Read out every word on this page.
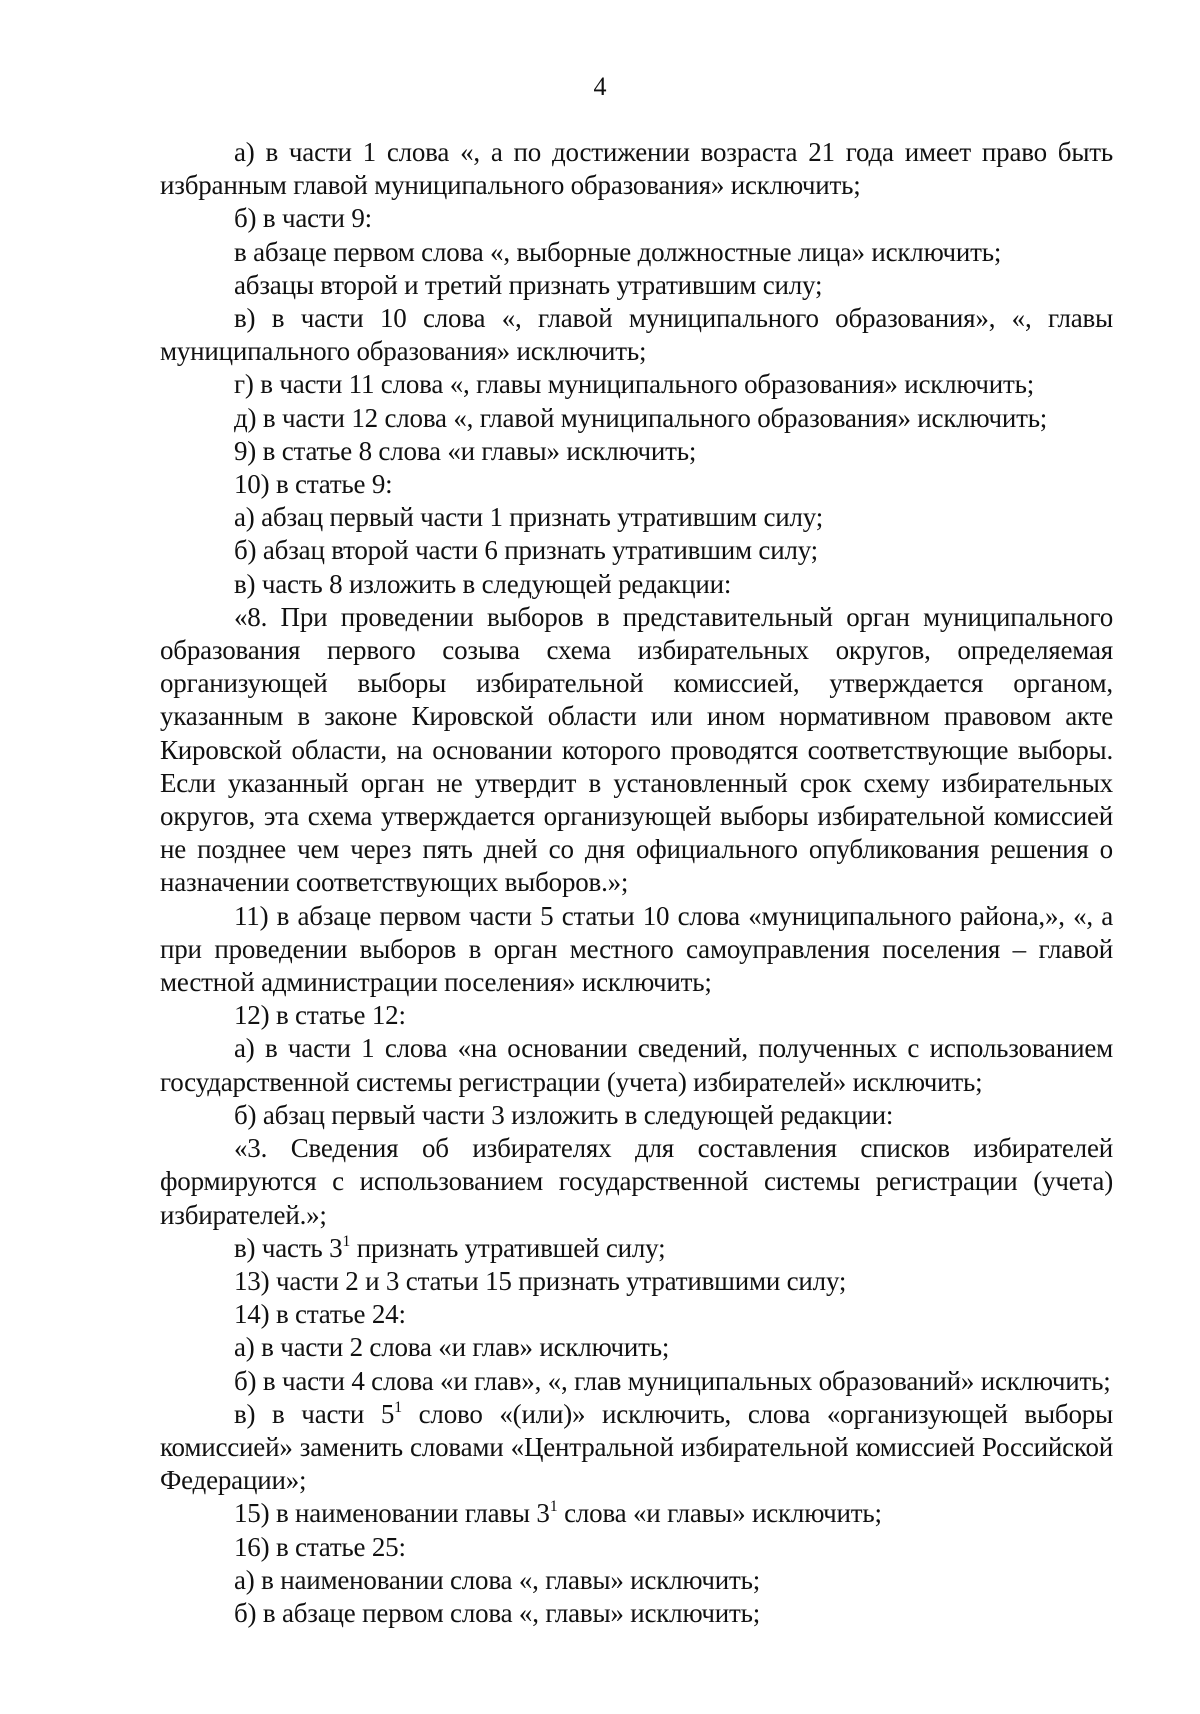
4

а) в части 1 слова «, а по достижении возраста 21 года имеет право быть избранным главой муниципального образования» исключить;

б) в части 9:

в абзаце первом слова «, выборные должностные лица» исключить;

абзацы второй и третий признать утратившим силу;

в) в части 10 слова «, главой муниципального образования», «, главы муниципального образования» исключить;

г) в части 11 слова «, главы муниципального образования» исключить;

д) в части 12 слова «, главой муниципального образования» исключить;

9) в статье 8 слова «и главы» исключить;

10) в статье 9:

а) абзац первый части 1 признать утратившим силу;

б) абзац второй части 6 признать утратившим силу;

в) часть 8 изложить в следующей редакции:

«8. При проведении выборов в представительный орган муниципального образования первого созыва схема избирательных округов, определяемая организующей выборы избирательной комиссией, утверждается органом, указанным в законе Кировской области или ином нормативном правовом акте Кировской области, на основании которого проводятся соответствующие выборы. Если указанный орган не утвердит в установленный срок схему избирательных округов, эта схема утверждается организующей выборы избирательной комиссией не позднее чем через пять дней со дня официального опубликования решения о назначении соответствующих выборов.»;

11) в абзаце первом части 5 статьи 10 слова «муниципального района,», «, а при проведении выборов в орган местного самоуправления поселения – главой местной администрации поселения» исключить;

12) в статье 12:

а) в части 1 слова «на основании сведений, полученных с использованием государственной системы регистрации (учета) избирателей» исключить;

б) абзац первый части 3 изложить в следующей редакции:

«3. Сведения об избирателях для составления списков избирателей формируются с использованием государственной системы регистрации (учета) избирателей.»;

в) часть $3^1$ признать утратившей силу;

13) части 2 и 3 статьи 15 признать утратившими силу;

14) в статье 24:

а) в части 2 слова «и глав» исключить;

б) в части 4 слова «и глав», «, глав муниципальных образований» исключить;

в) в части $5^1$ слово «(или)» исключить, слова «организующей выборы комиссией» заменить словами «Центральной избирательной комиссией Российской Федерации»;

15) в наименовании главы $3^1$ слова «и главы» исключить;

16) в статье 25:

а) в наименовании слова «, главы» исключить;

б) в абзаце первом слова «, главы» исключить;
